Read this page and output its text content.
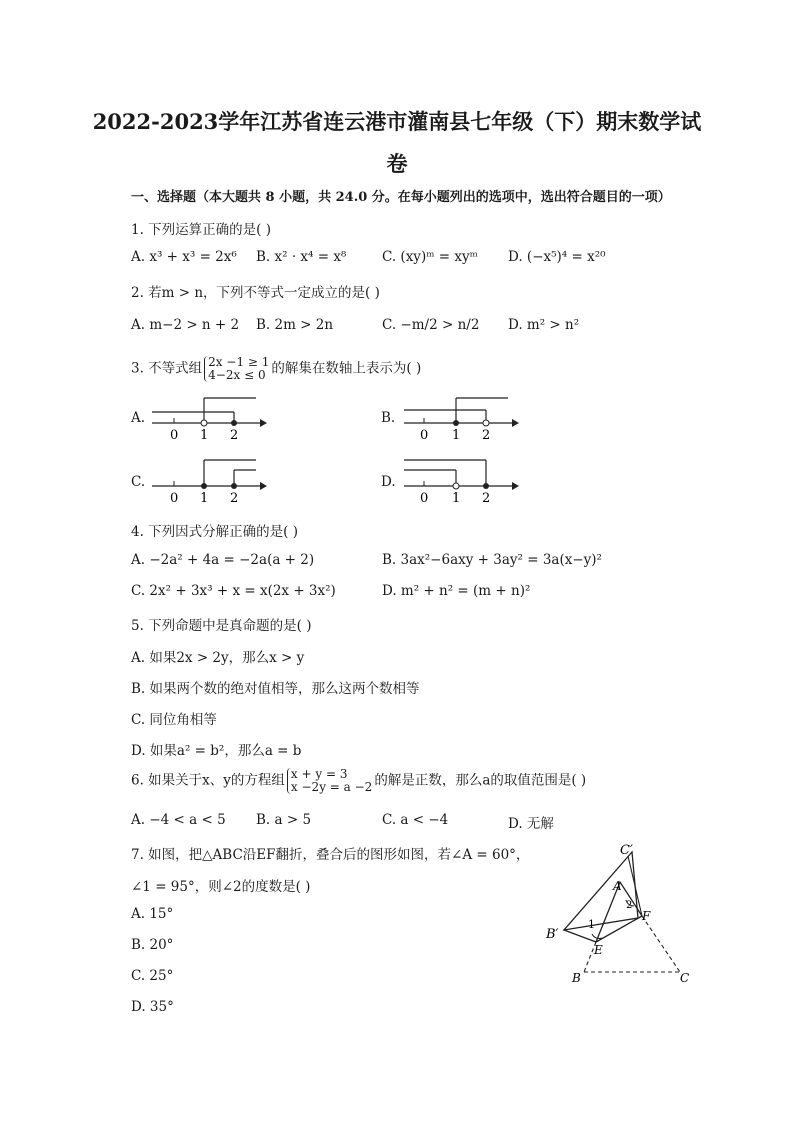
2022-2023学年江苏省连云港市灌南县七年级（下）期末数学试
卷
一、选择题（本大题共 8 小题，共 24.0 分。在每小题列出的选项中，选出符合题目的一项）
1. 下列运算正确的是( )
A. x³ + x³ = 2x⁶ B. x² · x⁴ = x⁸	C. (xy)ᵐ = xyᵐ D. (−x⁵)⁴ = x²⁰
2. 若m > n，下列不等式一定成立的是( )
A. m−2 > n + 2 B. 2m > 2n	C. −m/2 > n/2 D. m² > n²
3. 不等式组 2x −1 ≥ 1
4−2x ≤ 0 的解集在数轴上表示为( )
A.	B.
C.	D.
0 1 2	0 1 2
0 1 2	0 1 2
4. 下列因式分解正确的是( )
A. −2a² + 4a = −2a(a + 2)	B. 3ax²−6axy + 3ay² = 3a(x−y)²
C. 2x² + 3x³ + x = x(2x + 3x²)	D. m² + n² = (m + n)²
5. 下列命题中是真命题的是( )
A. 如果2x > 2y，那么x > y
B. 如果两个数的绝对值相等，那么这两个数相等
C. 同位角相等
D. 如果a² = b²，那么a = b
6. 如果关于x、y的方程组 x + y = 3
x −2y = a −2 的解是正数，那么a的取值范围是( )
A. −4 < a < 5 B. a > 5	C. a < −4	D. 无解
7. 如图，把△ABC沿EF翻折，叠合后的图形如图，若∠A = 60°，
∠1 = 95°，则∠2的度数是( )
A. 15°
B. 20°
C. 25°
D. 35°
C′
A
B′
E
F
B	C
1
2
